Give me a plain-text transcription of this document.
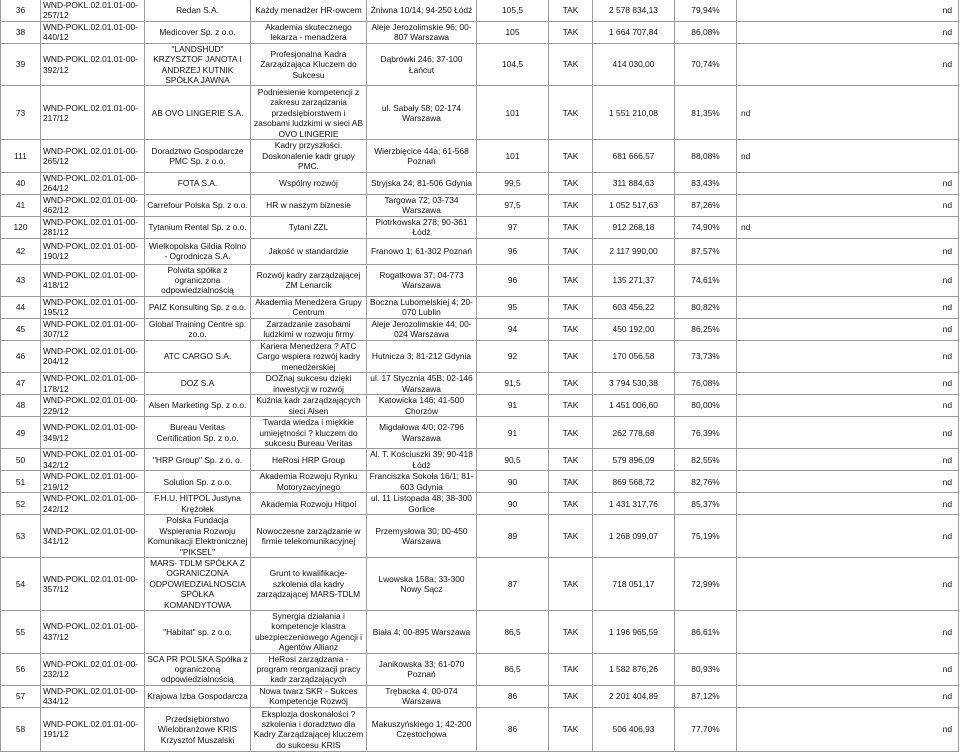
36	WND-POKL.02.01.01-00-257/12	Redan S.A.	Każdy menadżer HR-owcem	Żniwna 10/14; 94-250 Łódź	105,5	TAK	2 578 834,13	79,94%	nd
38	WND-POKL.02.01.01-00-440/12	Medicover Sp. z o.o.	Akademia skutecznego lekarza - menadżera	Aleje Jerozolimskie 96; 00-807 Warszawa	105	TAK	1 664 707,84	86,08%	nd
39	WND-POKL.02.01.01-00-392/12	"LANDSHUD" KRZYSZTOF JANOTA I ANDRZEJ KUTNIK SPÓŁKA JAWNA	Profesjonalna Kadra Zarządzająca Kluczem do Sukcesu	Dąbrówki 246; 37-100 Łańcut	104,5	TAK	414 030,00	70,74%	nd
73	WND-POKL.02.01.01-00-217/12	AB OVO LINGERIE S.A.	Podniesienie kompetencji z zakresu zarządzania przedsiębiorstwem i zasobami ludzkimi w sieci AB OVO LINGERIE	ul. Sabały 58; 02-174 Warszawa	101	TAK	1 551 210,08	81,35%	nd
111	WND-POKL.02.01.01-00-265/12	Doradztwo Gospodarcze PMC Sp. z o.o.	Kadry przyszłości. Doskonalenie kadr grupy PMC.	Wierzbięcice 44a; 61-568 Poznań	101	TAK	681 666,57	88,08%	nd
40	WND-POKL.02.01.01-00-264/12	FOTA S.A.	Wspólny rozwój	Stryjska 24; 81-506 Gdynia	99,5	TAK	311 884,63	83,43%	nd
41	WND-POKL.02.01.01-00-462/12	Carrefour Polska Sp. z o.o.	HR w naszym biznesie	Targowa 72; 03-734 Warszawa	97,5	TAK	1 052 517,63	87,26%	nd
120	WND-POKL.02.01.01-00-281/12	Tytanium Rental Sp. z o.o.	Tytani ZZL	Piotrkowska 278; 90-361 Łódź	97	TAK	912 268,18	74,90%	nd
42	WND-POKL.02.01.01-00-190/12	Wielkopolska Gildia Rolno - Ogrodnicza S.A.	Jakość w standardzie	Franowo 1; 61-302 Poznań	96	TAK	2 117 990,00	87,57%	nd
43	WND-POKL.02.01.01-00-418/12	Polwita spółka z ograniczona odpowiedzialnością	Rozwój kadry zarządzającej ZM Lenarcik	Rogatkowa 37; 04-773 Warszawa	96	TAK	135 271,37	74,61%	nd
44	WND-POKL.02.01.01-00-195/12	PAIZ Konsulting Sp. z o.o.	Akademia Menedżera Grupy Centrum	Boczna Lubomelskiej 4; 20-070 Lublin	95	TAK	603 456,22	80,82%	nd
45	WND-POKL.02.01.01-00-307/12	Global Training Centre sp. zo.o.	Zarzadzanie zasobami ludzkimi w rozwoju firmy	Aleje Jerozolimskie 44; 00-024 Warszawa	94	TAK	450 192,00	86,25%	nd
46	WND-POKL.02.01.01-00-204/12	ATC CARGO S.A.	Kariera Menedżera ? ATC Cargo wspiera rozwój kadry menedżerskiej	Hutnicza 3; 81-212 Gdynia	92	TAK	170 056,58	73,73%	nd
47	WND-POKL.02.01.01-00-178/12	DOZ S.A	DOZnaj sukcesu dzięki inwestycji w rozwój	ul. 17 Stycznia 45B; 02-146 Warszawa	91,5	TAK	3 794 530,38	76,08%	nd
48	WND-POKL.02.01.01-00-229/12	Alsen Marketing Sp. z o.o.	Kuźnia kadr zarządzających sieci Alsen	Katowicka 146; 41-500 Chorzów	91	TAK	1 451 006,60	80,00%	nd
49	WND-POKL.02.01.01-00-349/12	Bureau Veritas Certification Sp. z o.o.	Twarda wiedza i miękkie umiejętności ? kluczem do sukcesu Bureau Veritas	Migdałowa 4/0; 02-796 Warszawa	91	TAK	262 778,68	76,39%	nd
50	WND-POKL.02.01.01-00-342/12	"HRP Group" Sp. z o. o.	HeRosi HRP Group	Al. T. Kościuszki 39; 90-418 Łódź	90,5	TAK	579 896,09	82,55%	nd
51	WND-POKL.02.01.01-00-219/12	Solution Sp. z o.o.	Akademia Rozwoju Rynku Motoryzacyjnego	Franciszka Sokoła 16/1; 81-603 Gdynia	90	TAK	869 568,72	82,76%	nd
52	WND-POKL.02.01.01-00-242/12	F.H.U. HITPOL Justyna Krężołek	Akademia Rozwoju Hitpol	ul. 11 Listopada 48; 38-300 Gorlice	90	TAK	1 431 317,76	85,37%	nd
53	WND-POKL.02.01.01-00-341/12	Polska Fundacja Wspierania Rozwoju Komunikacji Elektronicznej "PIKSEL"	Nowoczesne zarządzanie w firmie telekomunikacyjnej	Przemysłowa 30; 00-450 Warszawa	89	TAK	1 268 099,07	75,19%	nd
54	WND-POKL.02.01.01-00-357/12	MARS- TDLM SPÓŁKA Z OGRANICZONA ODPOWIEDZIALNOSCIA SPÓŁKA KOMANDYTOWA	Grunt to kwalifikacje-szkolenia dla kadry zarządzającej MARS-TDLM	Lwowska 158a; 33-300 Nowy Sącz	87	TAK	718 051,17	72,99%	nd
55	WND-POKL.02.01.01-00-437/12	"Habitat" sp. z o.o.	Synergia działania i kompetencje klastra ubezpieczeniowego Agencji i Agentów Allianz	Biała 4; 00-895 Warszawa	86,5	TAK	1 196 965,59	86,61%	nd
56	WND-POKL.02.01.01-00-232/12	SCA PR POLSKA Spółka z ograniczoną odpowiedzialnością	HeRosi zarządzania - program reorganizacji pracy kadr zarządzających	Janikowska 33; 61-070 Poznań	86,5	TAK	1 582 876,26	80,93%	nd
57	WND-POKL.02.01.01-00-434/12	Krajowa Izba Gospodarcza	Nowa twarz SKR - Sukces Kompetencje Rozwój	Trębacka 4; 00-074 Warszawa	86	TAK	2 201 404,89	87,12%	nd
58	WND-POKL.02.01.01-00-191/12	Przedsiębiorstwo Wielobranżowe KRIS Krzysztof Muszalski	Eksplozja doskonałości ? szkolenia i doradztwo dla Kadry Zarządzającej kluczem do sukcesu KRIS	Makuszyńskiego 1; 42-200 Częstochowa	86	TAK	506 406,93	77,70%	nd
